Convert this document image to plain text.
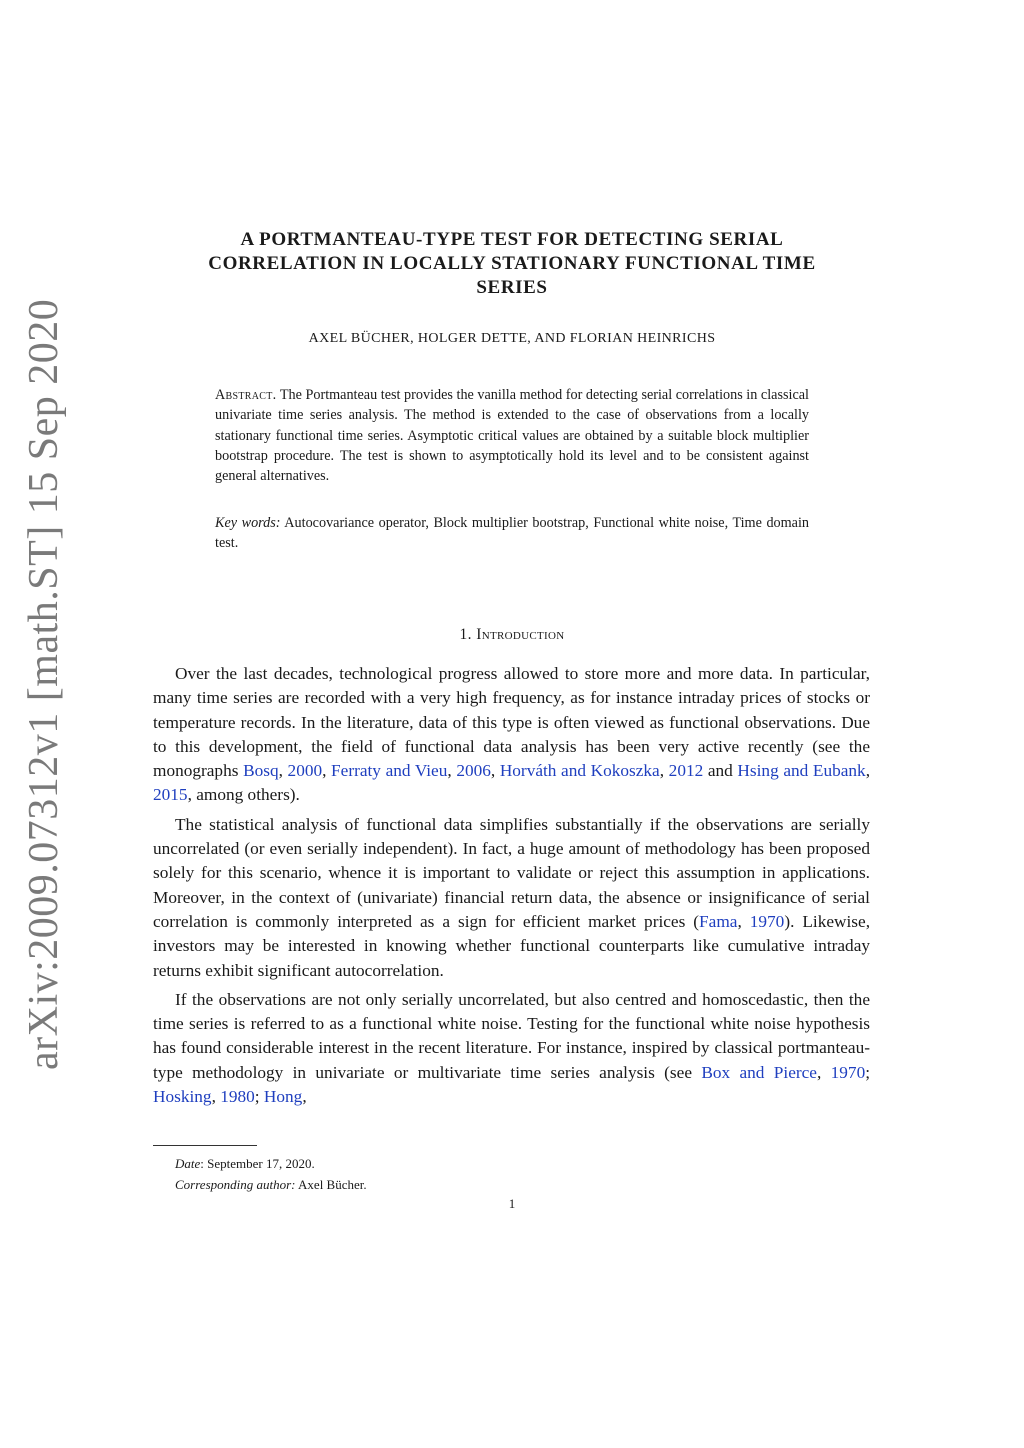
arXiv:2009.07312v1 [math.ST] 15 Sep 2020
A PORTMANTEAU-TYPE TEST FOR DETECTING SERIAL
CORRELATION IN LOCALLY STATIONARY FUNCTIONAL TIME
SERIES
AXEL BÜCHER, HOLGER DETTE, AND FLORIAN HEINRICHS
Abstract. The Portmanteau test provides the vanilla method for detecting serial correlations in classical univariate time series analysis. The method is extended to the case of observations from a locally stationary functional time series. Asymptotic critical values are obtained by a suitable block multiplier bootstrap procedure. The test is shown to asymptotically hold its level and to be consistent against general alternatives.
Key words: Autocovariance operator, Block multiplier bootstrap, Functional white noise, Time domain test.
1. Introduction

Over the last decades, technological progress allowed to store more and more data. In particular, many time series are recorded with a very high frequency, as for instance intraday prices of stocks or temperature records. In the literature, data of this type is often viewed as functional observations. Due to this development, the field of functional data analysis has been very active recently (see the monographs Bosq, 2000, Ferraty and Vieu, 2006, Horváth and Kokoszka, 2012 and Hsing and Eubank, 2015, among others).

The statistical analysis of functional data simplifies substantially if the observations are serially uncorrelated (or even serially independent). In fact, a huge amount of methodology has been proposed solely for this scenario, whence it is important to validate or reject this assumption in applications. Moreover, in the context of (univariate) financial return data, the absence or insignificance of serial correlation is commonly interpreted as a sign for efficient market prices (Fama, 1970). Likewise, investors may be interested in knowing whether functional counterparts like cumulative intraday returns exhibit significant autocorrelation.

If the observations are not only serially uncorrelated, but also centred and homoscedastic, then the time series is referred to as a functional white noise. Testing for the functional white noise hypothesis has found considerable interest in the recent literature. For instance, inspired by classical portmanteau-type methodology in univariate or multivariate time series analysis (see Box and Pierce, 1970; Hosking, 1980; Hong,

Date: September 17, 2020.
Corresponding author: Axel Bücher.
1
